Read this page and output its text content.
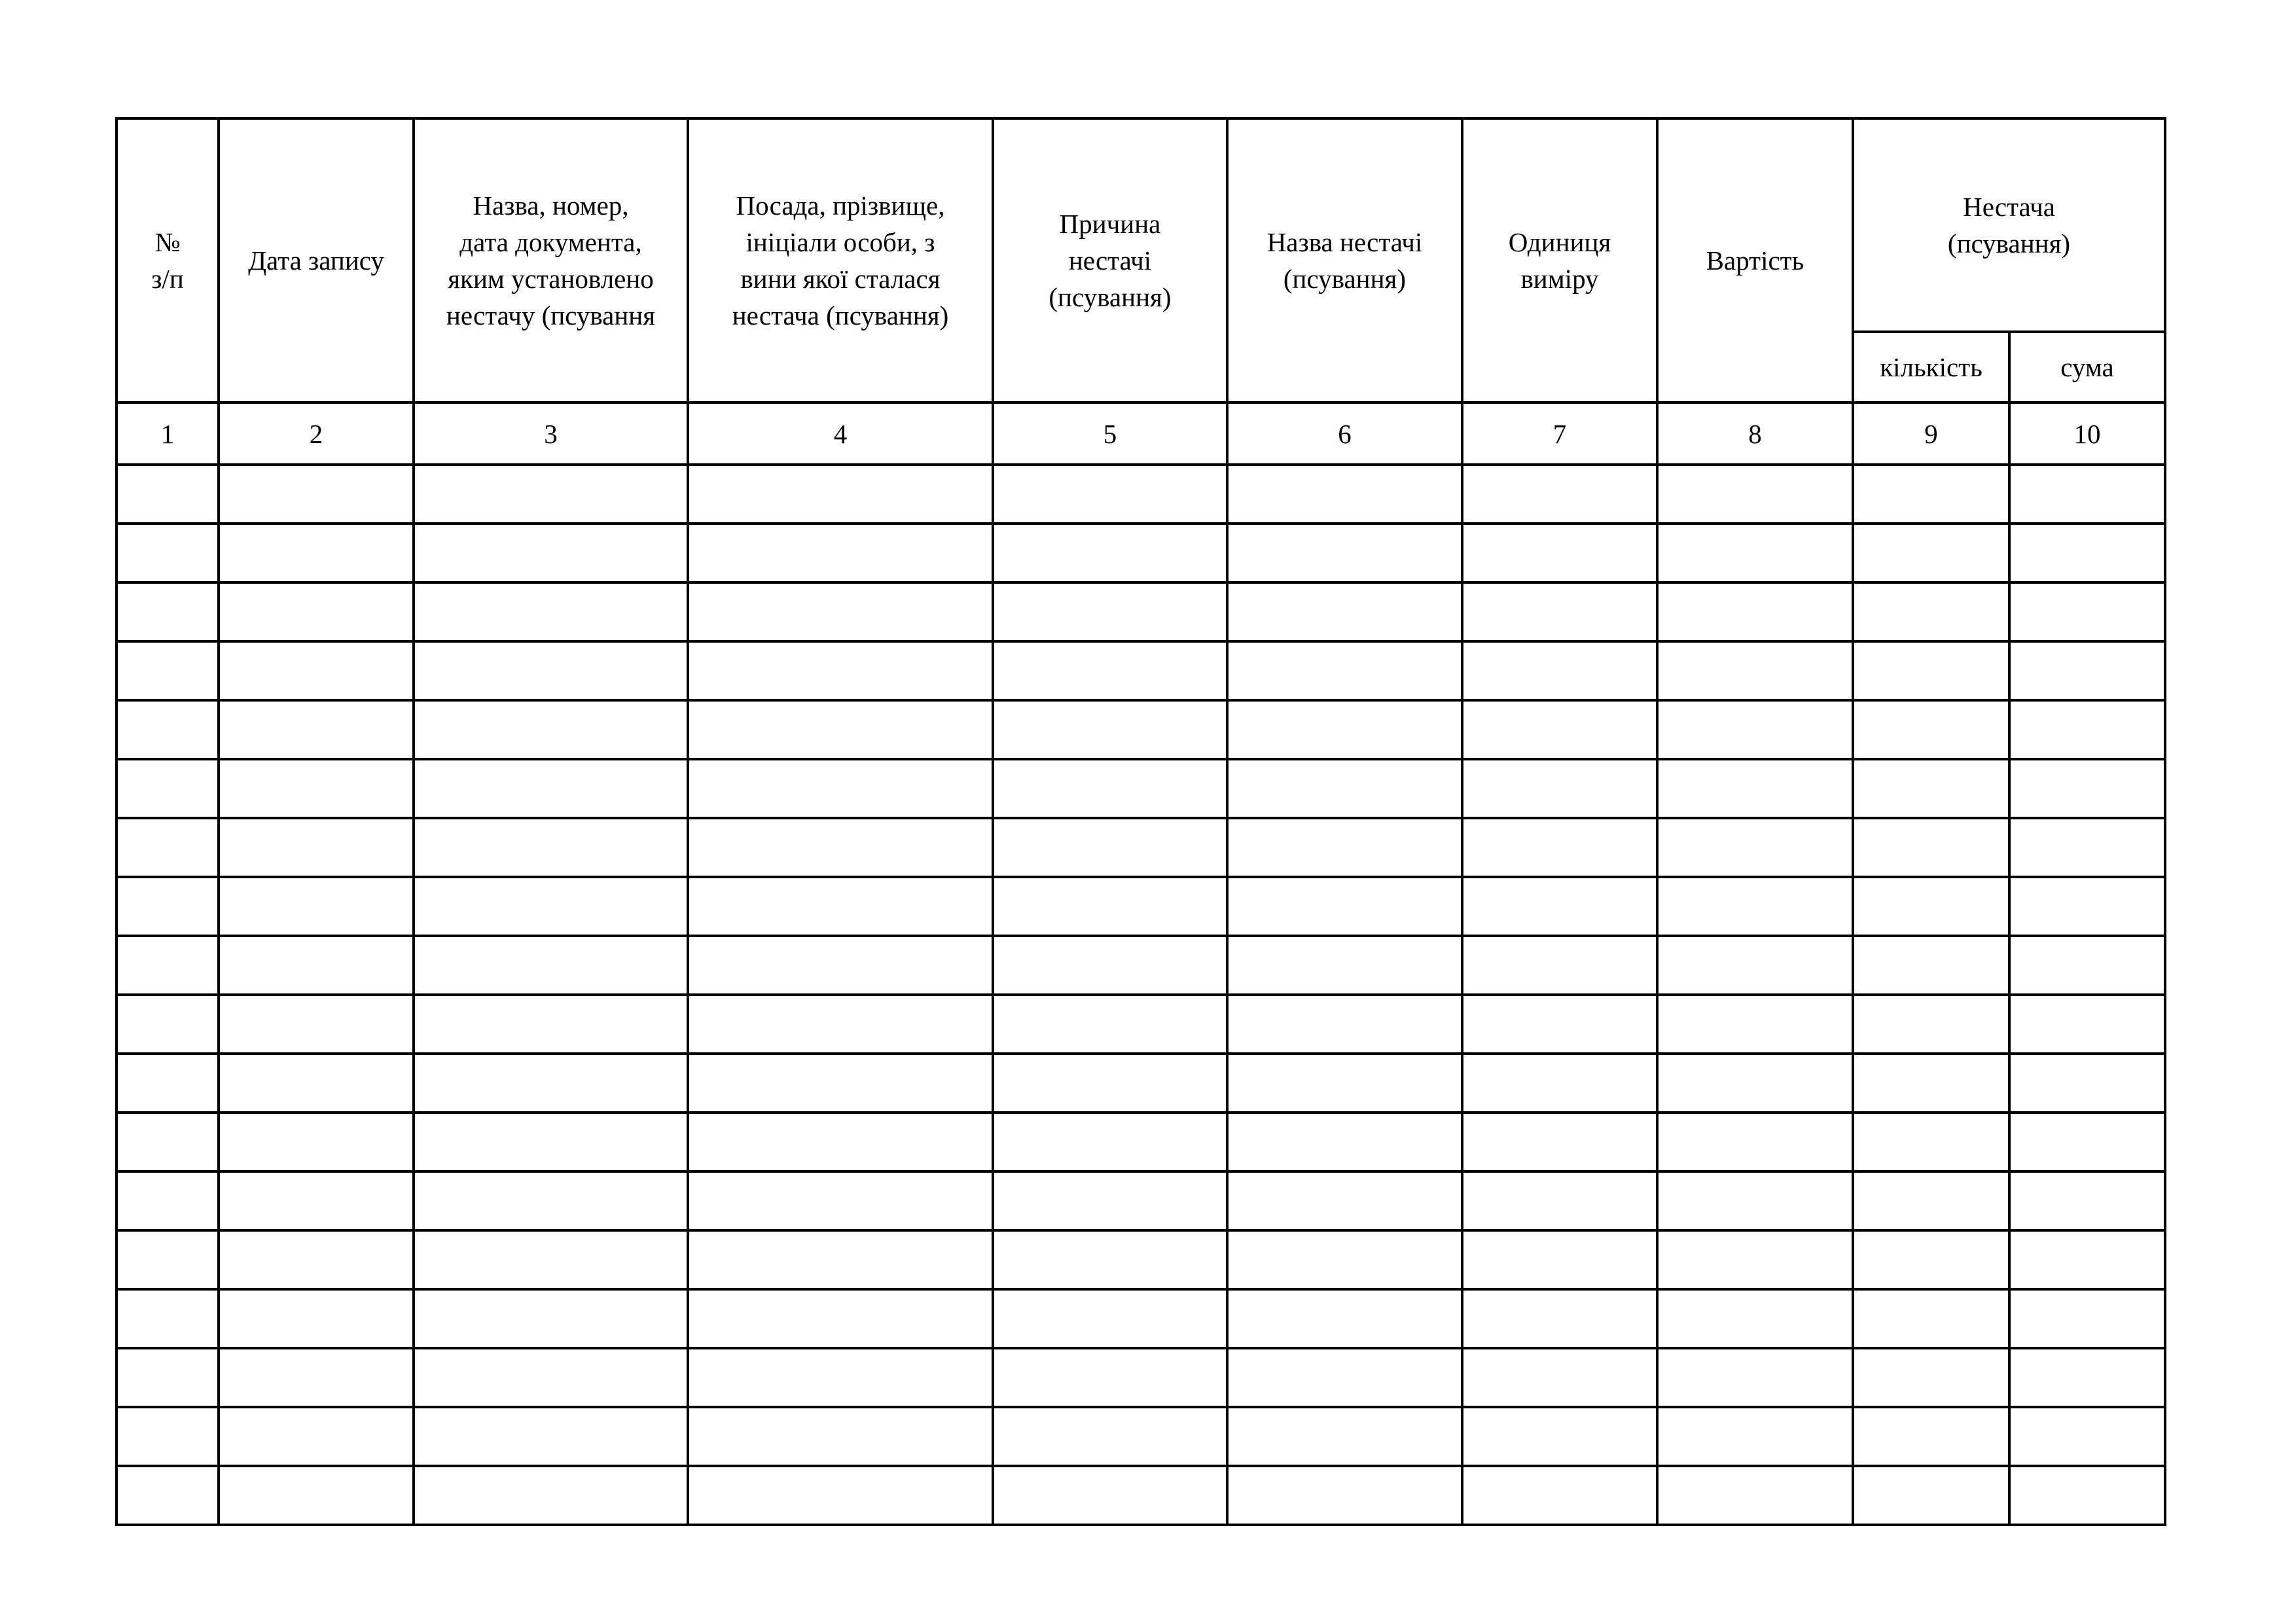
№
з/п	Дата запису	Назва, номер,
дата документа,
яким установлено
нестачу (псування	Посада, прізвище,
ініціали особи, з
вини якої сталася
нестача (псування)	Причина
нестачі
(псування)	Назва нестачі
(псування)	Одиниця
виміру	Вартість	Нестача
(псування)	
								кількість	сума
1	2	3	4	5	6	7	8	9	10
